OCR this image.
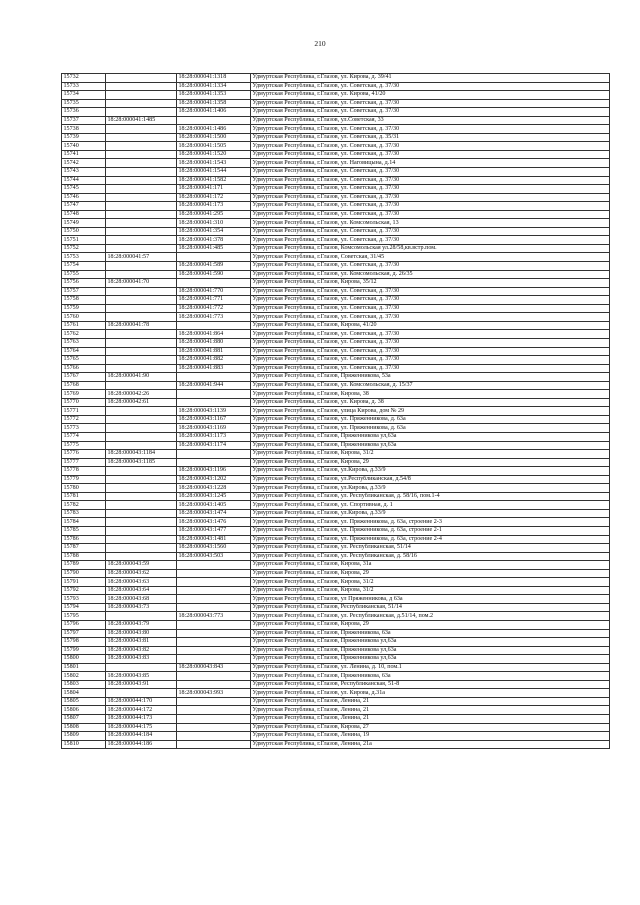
210
15732		18:28:000041:1318	Удмуртская Республика, г.Глазов, ул. Кирова, д. 39/41
15733		18:28:000041:1334	Удмуртская Республика, г.Глазов, ул. Советская, д. 37/30
15734		18:28:000041:1353	Удмуртская Республика, г.Глазов, ул. Кирова, 41/20
15735		18:28:000041:1358	Удмуртская Республика, г.Глазов, ул. Советская, д. 37/30
15736		18:28:000041:1406	Удмуртская Республика, г.Глазов, ул. Советская, д. 37/30
15737	18:28:000041:1485		Удмуртская Республика, г.Глазов, ул.Советская, 33
15738		18:28:000041:1486	Удмуртская Республика, г.Глазов, ул. Советская, д. 37/30
15739		18:28:000041:1500	Удмуртская Республика, г.Глазов, ул. Советская, д. 35/31
15740		18:28:000041:1505	Удмуртская Республика, г.Глазов, ул. Советская, д. 37/30
15741		18:28:000041:1520	Удмуртская Республика, г.Глазов, ул. Советская, д. 37/30
15742		18:28:000041:1543	Удмуртская Республика, г.Глазов, ул. Наговицына, д.14
15743		18:28:000041:1544	Удмуртская Республика, г.Глазов, ул. Советская, д. 37/30
15744		18:28:000041:1582	Удмуртская Республика, г.Глазов, ул. Советская, д. 37/30
15745		18:28:000041:171	Удмуртская Республика, г.Глазов, ул. Советская, д. 37/30
15746		18:28:000041:172	Удмуртская Республика, г.Глазов, ул. Советская, д. 37/30
15747		18:28:000041:173	Удмуртская Республика, г.Глазов, ул. Советская, д. 37/30
15748		18:28:000041:295	Удмуртская Республика, г.Глазов, ул. Советская, д. 37/30
15749		18:28:000041:310	Удмуртская Республика, г.Глазов, ул. Комсомольская, 13
15750		18:28:000041:354	Удмуртская Республика, г.Глазов, ул. Советская, д. 37/30
15751		18:28:000041:378	Удмуртская Республика, г.Глазов, ул. Советская, д. 37/30
15752		18:28:000041:485	Удмуртская Республика, г.Глазов, Комсомольская ул.28/58,кв.встр.пом.
15753	18:28:000041:57		Удмуртская Республика, г.Глазов, Советская, 31/45
15754		18:28:000041:589	Удмуртская Республика, г.Глазов, ул. Советская, д. 37/30
15755		18:28:000041:590	Удмуртская Республика, г.Глазов, ул. Комсомольская, д. 26/35
15756	18:28:000041:70		Удмуртская Республика, г.Глазов, Кирова, 35/12
15757		18:28:000041:770	Удмуртская Республика, г.Глазов, ул. Советская, д. 37/30
15758		18:28:000041:771	Удмуртская Республика, г.Глазов, ул. Советская, д. 37/30
15759		18:28:000041:772	Удмуртская Республика, г.Глазов, ул. Советская, д. 37/30
15760		18:28:000041:773	Удмуртская Республика, г.Глазов, ул. Советская, д. 37/30
15761	18:28:000041:78		Удмуртская Республика, г.Глазов, Кирова, 41/20
15762		18:28:000041:864	Удмуртская Республика, г.Глазов, ул. Советская, д. 37/30
15763		18:28:000041:880	Удмуртская Республика, г.Глазов, ул. Советская, д. 37/30
15764		18:28:000041:881	Удмуртская Республика, г.Глазов, ул. Советская, д. 37/30
15765		18:28:000041:882	Удмуртская Республика, г.Глазов, ул. Советская, д. 37/30
15766		18:28:000041:883	Удмуртская Республика, г.Глазов, ул. Советская, д. 37/30
15767	18:28:000041:90		Удмуртская Республика, г.Глазов, Пряженникова, 53а
15768		18:28:000041:944	Удмуртская Республика, г.Глазов, ул. Комсомольская, д. 15/37
15769	18:28:000042:26		Удмуртская Республика, г.Глазов, Кирова, 38
15770	18:28:000042:61		Удмуртская Республика, г.Глазов, ул. Кирова, д. 38
15771		18:28:000043:1139	Удмуртская Республика, г.Глазов, улица Кирова, дом № 29
15772		18:28:000043:1167	Удмуртская Республика, г.Глазов, ул. Пряженникова, д. 63а
15773		18:28:000043:1169	Удмуртская Республика, г.Глазов, ул. Пряженникова, д. 63а
15774		18:28:000043:1173	Удмуртская Республика, г.Глазов, Пряженникова ул,63а
15775		18:28:000043:1174	Удмуртская Республика, г.Глазов, Пряженникова ул,63а
15776	18:28:000043:1184		Удмуртская Республика, г.Глазов, Кирова, 31/2
15777	18:28:000043:1185		Удмуртская Республика, г.Глазов, Кирова, 29
15778		18:28:000043:1196	Удмуртская Республика, г.Глазов, ул.Кирова, д.33/9
15779		18:28:000043:1202	Удмуртская Республика, г.Глазов, ул.Республиканская, д.54/8
15780		18:28:000043:1228	Удмуртская Республика, г.Глазов, ул.Кирова, д.33/9
15781		18:28:000043:1245	Удмуртская Республика, г.Глазов, ул. Республиканская, д. 58/16, пом.1-4
15782		18:28:000043:1405	Удмуртская Республика, г.Глазов, ул. Спортивная, д. 1
15783		18:28:000043:1474	Удмуртская Республика, г.Глазов, ул.Кирова, д.33/9
15784		18:28:000043:1476	Удмуртская Республика, г.Глазов, ул. Пряженникова, д. 63а, строение 2-3
15785		18:28:000043:1477	Удмуртская Республика, г.Глазов, ул. Пряженникова, д. 63а, строение 2-1
15786		18:28:000043:1481	Удмуртская Республика, г.Глазов, ул. Пряженникова, д. 63а, строение 2-4
15787		18:28:000043:1560	Удмуртская Республика, г.Глазов, ул. Республиканская, 51/14
15788		18:28:000043:503	Удмуртская Республика, г.Глазов, ул. Республиканская, д. 58/16
15789	18:28:000043:59		Удмуртская Республика, г.Глазов, Кирова, 31а
15790	18:28:000043:62		Удмуртская Республика, г.Глазов, Кирова, 29
15791	18:28:000043:63		Удмуртская Республика, г.Глазов, Кирова, 31/2
15792	18:28:000043:64		Удмуртская Республика, г.Глазов, Кирова, 31/2
15793	18:28:000043:68		Удмуртская Республика, г.Глазов, ул Пряженникова, д 63а
15794	18:28:000043:73		Удмуртская Республика, г.Глазов, Республиканская, 51/14
15795		18:28:000043:773	Удмуртская Республика, г.Глазов, ул. Республиканская, д.51/14, пом.2
15796	18:28:000043:79		Удмуртская Республика, г.Глазов, Кирова, 29
15797	18:28:000043:80		Удмуртская Республика, г.Глазов, Пряженникова, 63а
15798	18:28:000043:81		Удмуртская Республика, г.Глазов, Пряженникова ул,63а
15799	18:28:000043:82		Удмуртская Республика, г.Глазов, Пряженникова ул,63а
15800	18:28:000043:83		Удмуртская Республика, г.Глазов, Пряженникова ул,63а
15801		18:28:000043:843	Удмуртская Республика, г.Глазов, ул. Ленина, д. 10, пом.1
15802	18:28:000043:85		Удмуртская Республика, г.Глазов, Пряженникова, 63а
15803	18:28:000043:91		Удмуртская Республика, г.Глазов, Республиканская, 51-8
15804		18:28:000043:993	Удмуртская Республика, г.Глазов, ул. Кирова, д.31а
15805	18:28:000044:170		Удмуртская Республика, г.Глазов, Ленина, 21
15806	18:28:000044:172		Удмуртская Республика, г.Глазов, Ленина, 21
15807	18:28:000044:173		Удмуртская Республика, г.Глазов, Ленина, 21
15808	18:28:000044:175		Удмуртская Республика, г.Глазов, Кирова, 27
15809	18:28:000044:184		Удмуртская Республика, г.Глазов, Ленина, 19
15810	18:28:000044:186		Удмуртская Республика, г.Глазов, Ленина, 21а
